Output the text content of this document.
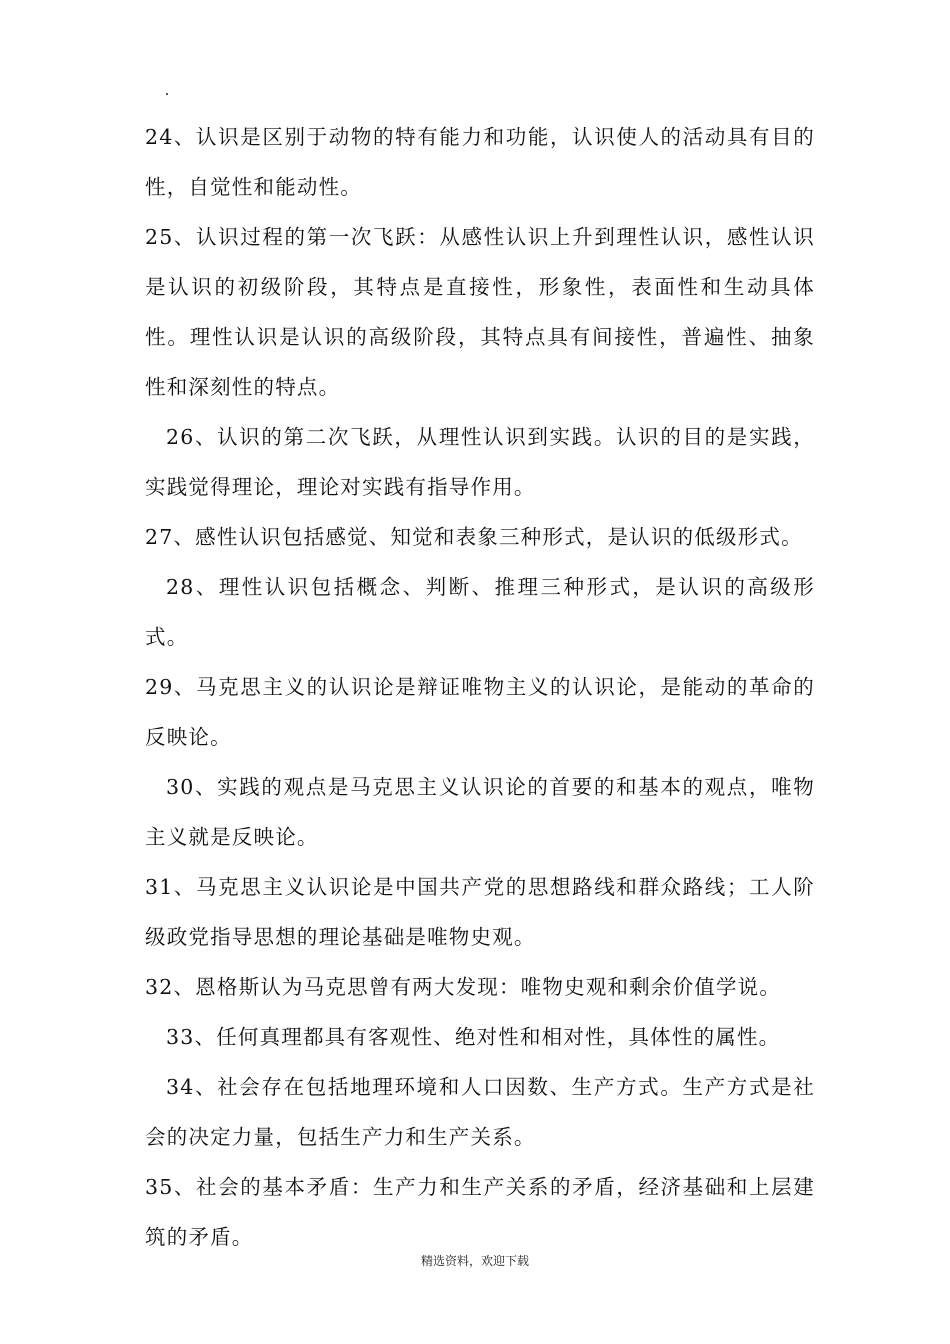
24、认识是区别于动物的特有能力和功能，认识使人的活动具有目的性，自觉性和能动性。

25、认识过程的第一次飞跃：从感性认识上升到理性认识，感性认识是认识的初级阶段，其特点是直接性，形象性，表面性和生动具体性。理性认识是认识的高级阶段，其特点具有间接性，普遍性、抽象性和深刻性的特点。

26、认识的第二次飞跃，从理性认识到实践。认识的目的是实践，实践觉得理论，理论对实践有指导作用。

27、感性认识包括感觉、知觉和表象三种形式，是认识的低级形式。

28、理性认识包括概念、判断、推理三种形式，是认识的高级形式。

29、马克思主义的认识论是辩证唯物主义的认识论，是能动的革命的反映论。

30、实践的观点是马克思主义认识论的首要的和基本的观点，唯物主义就是反映论。

31、马克思主义认识论是中国共产党的思想路线和群众路线；工人阶级政党指导思想的理论基础是唯物史观。

32、恩格斯认为马克思曾有两大发现：唯物史观和剩余价值学说。

33、任何真理都具有客观性、绝对性和相对性，具体性的属性。

34、社会存在包括地理环境和人口因数、生产方式。生产方式是社会的决定力量，包括生产力和生产关系。

35、社会的基本矛盾：生产力和生产关系的矛盾，经济基础和上层建筑的矛盾。

精选资料，欢迎下载
